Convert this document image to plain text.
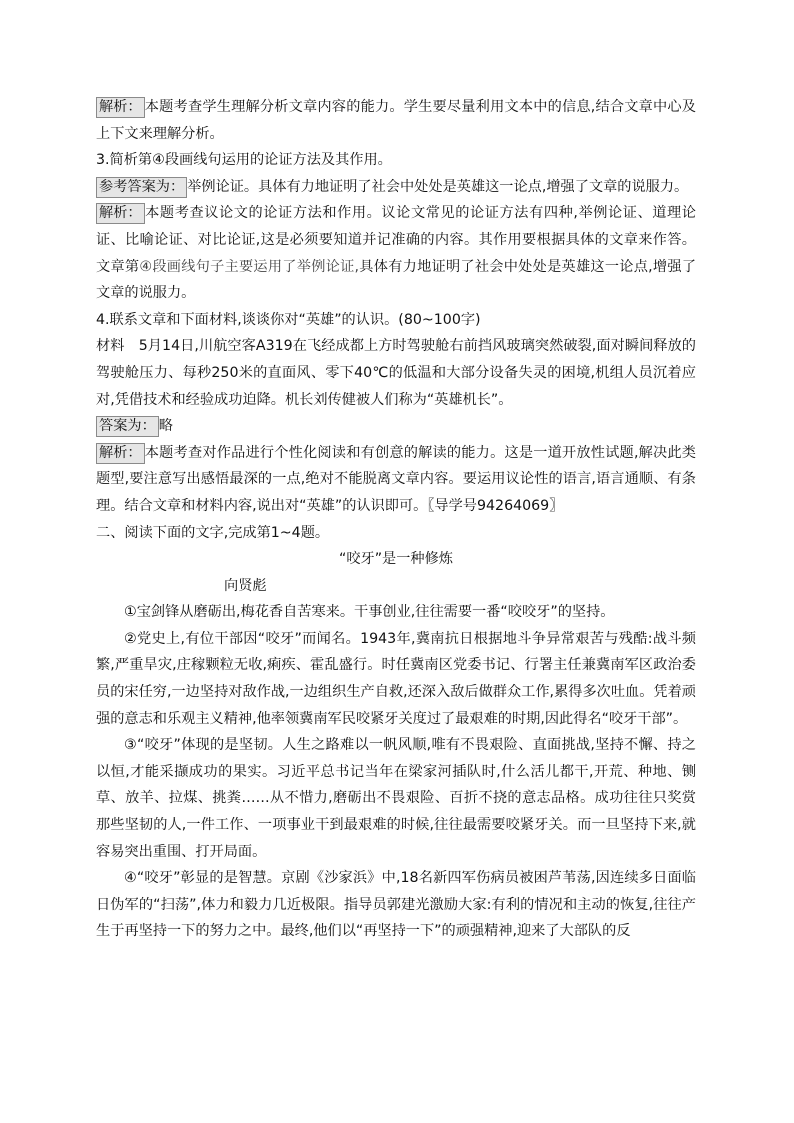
解析： 本题考查学生理解分析文章内容的能力。学生要尽量利用文本中的信息,结合文章中心及上下文来理解分析。
3.简析第④段画线句运用的论证方法及其作用。
参考答案为： 举例论证。具体有力地证明了社会中处处是英雄这一论点,增强了文章的说服力。
解析： 本题考查议论文的论证方法和作用。议论文常见的论证方法有四种,举例论证、道理论证、比喻论证、对比论证,这是必须要知道并记准确的内容。其作用要根据具体的文章来作答。文章第④段画线句子主要运用了举例论证,具体有力地证明了社会中处处是英雄这一论点,增强了文章的说服力。
4.联系文章和下面材料,谈谈你对“英雄”的认识。(80~100字)
材料　5月14日,川航空客A319在飞经成都上方时驾驶舱右前挡风玻璃突然破裂,面对瞬间释放的驾驶舱压力、每秒250米的直面风、零下40℃的低温和大部分设备失灵的困境,机组人员沉着应对,凭借技术和经验成功迫降。机长刘传健被人们称为“英雄机长”。
答案为： 略
解析： 本题考查对作品进行个性化阅读和有创意的解读的能力。这是一道开放性试题,解决此类题型,要注意写出感悟最深的一点,绝对不能脱离文章内容。要运用议论性的语言,语言通顺、有条理。结合文章和材料内容,说出对“英雄”的认识即可。〖导学号94264069〗
二、阅读下面的文字,完成第1~4题。
“咬牙”是一种修炼
向贤彪
①宝剑锋从磨砺出,梅花香自苦寒来。干事创业,往往需要一番“咬咬牙”的坚持。
②党史上,有位干部因“咬牙”而闻名。1943年,冀南抗日根据地斗争异常艰苦与残酷:战斗频繁,严重旱灾,庄稼颗粒无收,痢疾、霍乱盛行。时任冀南区党委书记、行署主任兼冀南军区政治委员的宋任穷,一边坚持对敌作战,一边组织生产自救,还深入敌后做群众工作,累得多次吐血。凭着顽强的意志和乐观主义精神,他率领冀南军民咬紧牙关度过了最艰难的时期,因此得名“咬牙干部”。
③“咬牙”体现的是坚韧。人生之路难以一帆风顺,唯有不畏艰险、直面挑战,坚持不懈、持之以恒,才能采撷成功的果实。习近平总书记当年在梁家河插队时,什么活儿都干,开荒、种地、铡草、放羊、拉煤、挑粪……从不惜力,磨砺出不畏艰险、百折不挠的意志品格。成功往往只奖赏那些坚韧的人,一件工作、一项事业干到最艰难的时候,往往最需要咬紧牙关。而一旦坚持下来,就容易突出重围、打开局面。
④“咬牙”彰显的是智慧。京剧《沙家浜》中,18名新四军伤病员被困芦苇荡,因连续多日面临日伪军的“扫荡”,体力和毅力几近极限。指导员郭建光激励大家:有利的情况和主动的恢复,往往产生于再坚持一下的努力之中。最终,他们以“再坚持一下”的顽强精神,迎来了大部队的反
